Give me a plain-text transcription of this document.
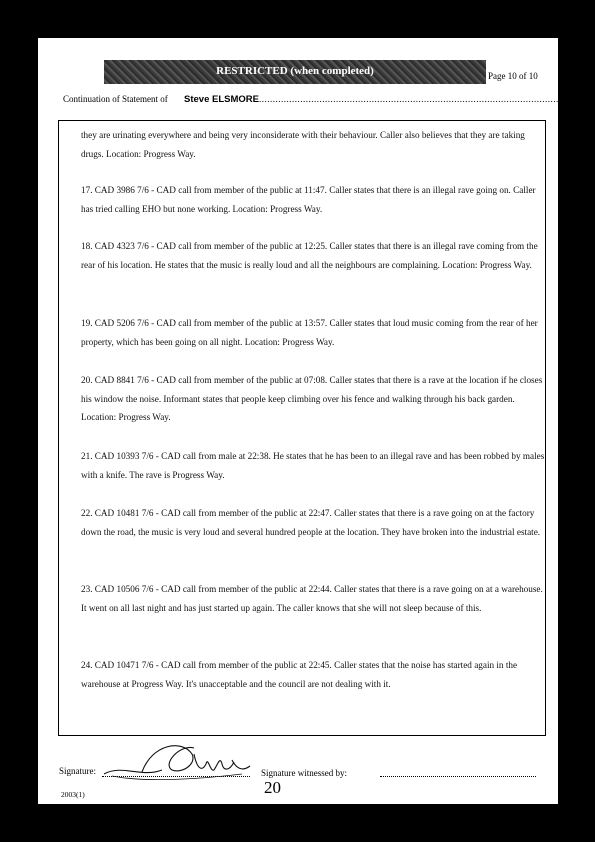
RESTRICTED (when completed)	Page 10 of 10
Continuation of Statement of Steve ELSMORE.............................................................................................................

they are urinating everywhere and being very inconsiderate with their behaviour. Caller also believes that they are taking drugs. Location: Progress Way.

17. CAD 3986 7/6 - CAD call from member of the public at 11:47. Caller states that there is an illegal rave going on. Caller has tried calling EHO but none working. Location: Progress Way.

18. CAD 4323 7/6 - CAD call from member of the public at 12:25. Caller states that there is an illegal rave coming from the rear of his location. He states that the music is really loud and all the neighbours are complaining. Location: Progress Way.

19. CAD 5206 7/6 - CAD call from member of the public at 13:57. Caller states that loud music coming from the rear of her property, which has been going on all night. Location: Progress Way.

20. CAD 8841 7/6 - CAD call from member of the public at 07:08. Caller states that there is a rave at the location if he closes his window the noise. Informant states that people keep climbing over his fence and walking through his back garden. Location: Progress Way.

21. CAD 10393 7/6 - CAD call from male at 22:38. He states that he has been to an illegal rave and has been robbed by males with a knife. The rave is Progress Way.

22. CAD 10481 7/6 - CAD call from member of the public at 22:47. Caller states that there is a rave going on at the factory down the road, the music is very loud and several hundred people at the location. They have broken into the industrial estate.

23. CAD 10506 7/6 - CAD call from member of the public at 22:44. Caller states that there is a rave going on at a warehouse. It went on all last night and has just started up again. The caller knows that she will not sleep because of this.

24. CAD 10471 7/6 - CAD call from member of the public at 22:45. Caller states that the noise has started again in the warehouse at Progress Way. It's unacceptable and the council are not dealing with it.

Signature:	Signature witnessed by:
20
2003(1)
